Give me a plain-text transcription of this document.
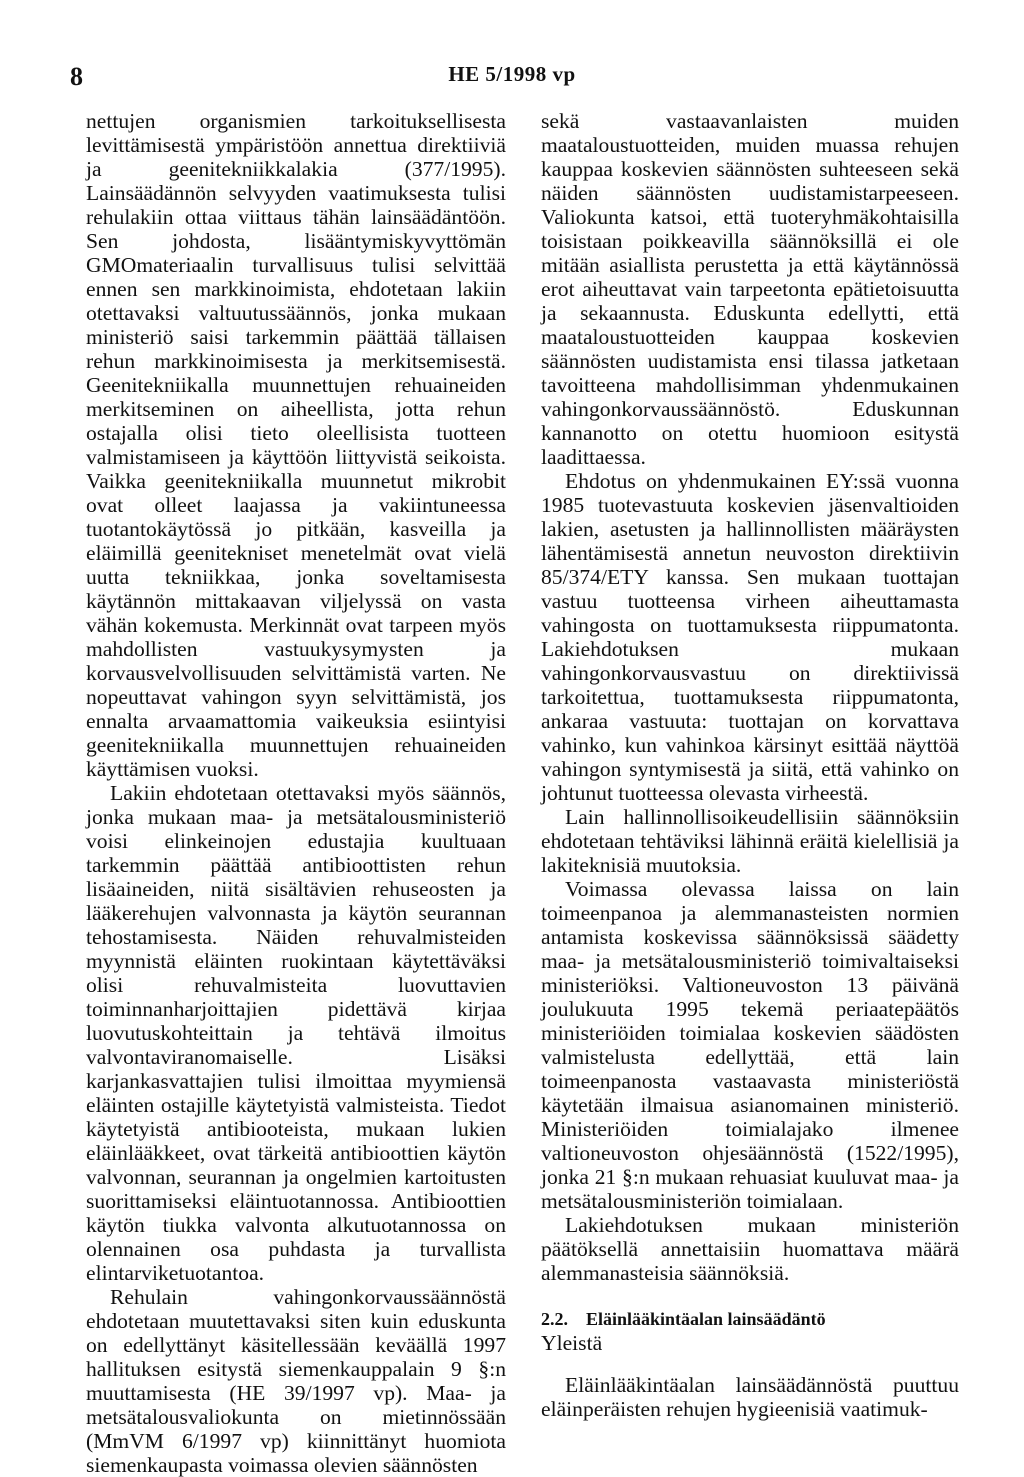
8	HE 5/1998 vp

nettujen organismien tarkoituksellisesta levittämisestä ympäristöön annettua direktiiviä ja geenitekniikkalakia (377/1995). Lainsäädännön selvyyden vaatimuksesta tulisi rehulakiin ottaa viittaus tähän lainsäädäntöön. Sen johdosta, lisääntymiskyvyttömän GMOmateriaalin turvallisuus tulisi selvittää ennen sen markkinoimista, ehdotetaan lakiin otettavaksi valtuutussäännös, jonka mukaan ministeriö saisi tarkemmin päättää tällaisen rehun markkinoimisesta ja merkitsemisestä. Geenitekniikalla muunnettujen rehuaineiden merkitseminen on aiheellista, jotta rehun ostajalla olisi tieto oleellisista tuotteen valmistamiseen ja käyttöön liittyvistä seikoista. Vaikka geenitekniikalla muunnetut mikrobit ovat olleet laajassa ja vakiintuneessa tuotantokäytössä jo pitkään, kasveilla ja eläimillä geenitekniset menetelmät ovat vielä uutta tekniikkaa, jonka soveltamisesta käytännön mittakaavan viljelyssä on vasta vähän kokemusta. Merkinnät ovat tarpeen myös mahdollisten vastuukysymysten ja korvausvelvollisuuden selvittämistä varten. Ne nopeuttavat vahingon syyn selvittämistä, jos ennalta arvaamattomia vaikeuksia esiintyisi geenitekniikalla muunnettujen rehuaineiden käyttämisen vuoksi.

Lakiin ehdotetaan otettavaksi myös säännös, jonka mukaan maa- ja metsätalousministeriö voisi elinkeinojen edustajia kuultuaan tarkemmin päättää antibioottisten rehun lisäaineiden, niitä sisältävien rehuseosten ja lääkerehujen valvonnasta ja käytön seurannan tehostamisesta. Näiden rehuvalmisteiden myynnistä eläinten ruokintaan käytettäväksi olisi rehuvalmisteita luovuttavien toiminnanharjoittajien pidettävä kirjaa luovutuskohteittain ja tehtävä ilmoitus valvontaviranomaiselle. Lisäksi karjankasvattajien tulisi ilmoittaa myymiensä eläinten ostajille käytetyistä valmisteista. Tiedot käytetyistä antibiooteista, mukaan lukien eläinlääkkeet, ovat tärkeitä antibioottien käytön valvonnan, seurannan ja ongelmien kartoitusten suorittamiseksi eläintuotannossa. Antibioottien käytön tiukka valvonta alkutuotannossa on olennainen osa puhdasta ja turvallista elintarviketuotantoa.

Rehulain vahingonkorvaussäännöstä ehdotetaan muutettavaksi siten kuin eduskunta on edellyttänyt käsitellessään keväällä 1997 hallituksen esitystä siemenkauppalain 9 §:n muuttamisesta (HE 39/1997 vp). Maa- ja metsätalousvaliokunta on mietinnössään (MmVM 6/1997 vp) kiinnittänyt huomiota siemenkaupasta voimassa olevien säännösten

sekä vastaavanlaisten muiden maataloustuotteiden, muiden muassa rehujen kauppaa koskevien säännösten suhteeseen sekä näiden säännösten uudistamistarpeeseen. Valiokunta katsoi, että tuoteryhmäkohtaisilla toisistaan poikkeavilla säännöksillä ei ole mitään asiallista perustetta ja että käytännössä erot aiheuttavat vain tarpeetonta epätietoisuutta ja sekaannusta. Eduskunta edellytti, että maataloustuotteiden kauppaa koskevien säännösten uudistamista ensi tilassa jatketaan tavoitteena mahdollisimman yhdenmukainen vahingonkorvaussäännöstö. Eduskunnan kannanotto on otettu huomioon esitystä laadittaessa.

Ehdotus on yhdenmukainen EY:ssä vuonna 1985 tuotevastuuta koskevien jäsenvaltioiden lakien, asetusten ja hallinnollisten määräysten lähentämisestä annetun neuvoston direktiivin 85/374/ETY kanssa. Sen mukaan tuottajan vastuu tuotteensa virheen aiheuttamasta vahingosta on tuottamuksesta riippumatonta. Lakiehdotuksen mukaan vahingonkorvausvastuu on direktiivissä tarkoitettua, tuottamuksesta riippumatonta, ankaraa vastuuta: tuottajan on korvattava vahinko, kun vahinkoa kärsinyt esittää näyttöä vahingon syntymisestä ja siitä, että vahinko on johtunut tuotteessa olevasta virheestä.

Lain hallinnollisoikeudellisiin säännöksiin ehdotetaan tehtäviksi lähinnä eräitä kielellisiä ja lakiteknisiä muutoksia.

Voimassa olevassa laissa on lain toimeenpanoa ja alemmanasteisten normien antamista koskevissa säännöksissä säädetty maa- ja metsätalousministeriö toimivaltaiseksi ministeriöksi. Valtioneuvoston 13 päivänä joulukuuta 1995 tekemä periaatepäätös ministeriöiden toimialaa koskevien säädösten valmistelusta edellyttää, että lain toimeenpanosta vastaavasta ministeriöstä käytetään ilmaisua asianomainen ministeriö. Ministeriöiden toimialajako ilmenee valtioneuvoston ohjesäännöstä (1522/1995), jonka 21 §:n mukaan rehuasiat kuuluvat maa- ja metsätalousministeriön toimialaan.

Lakiehdotuksen mukaan ministeriön päätöksellä annettaisiin huomattava määrä alemmanasteisia säännöksiä.

2.2. Eläinlääkintäalan lainsäädäntö

Yleistä

Eläinlääkintäalan lainsäädännöstä puuttuu eläinperäisten rehujen hygieenisiä vaatimuk-
